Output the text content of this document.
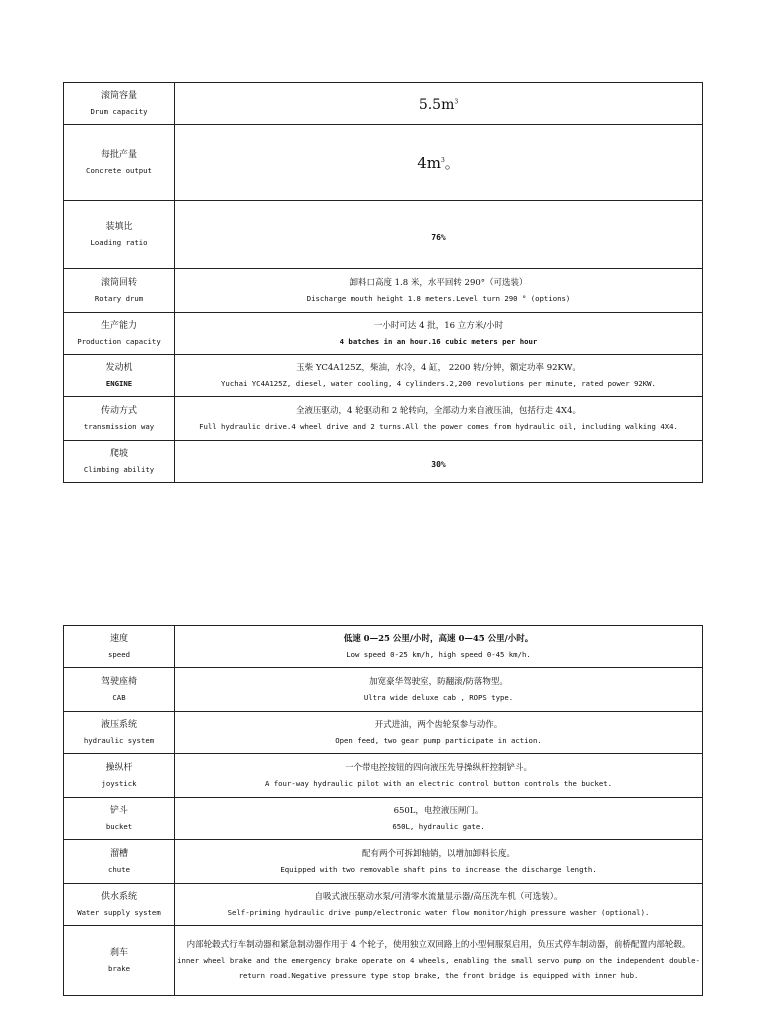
滚筒容量
Drum capacity	$5.5m^3$

每批产量
Concrete output	$4m^3$。

装填比
Loading ratio	76%

滚筒回转
Rotary drum	卸料口高度 1.8 米，水平回转 290°（可选装）
Discharge mouth height 1.8 meters.Level turn 290 ° (options)

生产能力
Production capacity	一小时可达 4 批，16 立方米/小时
4 batches in an hour.16 cubic meters per hour

发动机
ENGINE	玉柴 YC4A125Z，柴油，水冷，4 缸， 2200 转/分钟，额定功率 92KW。
Yuchai YC4A125Z, diesel, water cooling, 4 cylinders.2,200 revolutions per minute, rated power 92KW.

传动方式
transmission way	全液压驱动，4 轮驱动和 2 轮转向，全部动力来自液压油，包括行走 4X4。
Full hydraulic drive.4 wheel drive and 2 turns.All the power comes from hydraulic oil, including walking 4X4.

爬坡
Climbing ability	30%
速度
speed	低速 0—25 公里/小时，高速 0—45 公里/小时。
Low speed 0-25 km/h, high speed 0-45 km/h.

驾驶座椅
CAB	加宽豪华驾驶室，防翻滚/防落物型。
Ultra wide deluxe cab , ROPS type.

液压系统
hydraulic system	开式进油，两个齿轮泵参与动作。
Open feed, two gear pump participate in action.

操纵杆
joystick	一个带电控按钮的四向液压先导操纵杆控制铲斗。
A four-way hydraulic pilot with an electric control button controls the bucket.

铲斗
bucket	650L，电控液压闸门。
650L, hydraulic gate.

溜槽
chute	配有两个可拆卸轴销，以增加卸料长度。
Equipped with two removable shaft pins to increase the discharge length.

供水系统
Water supply system	自吸式液压驱动水泵/可清零水流量显示器/高压洗车机（可选装）。
Self-priming hydraulic drive pump/electronic water flow monitor/high pressure washer (optional).

刹车
brake	内部轮毂式行车制动器和紧急制动器作用于 4 个轮子，使用独立双回路上的小型伺服泵启用，负压式停车制动器，前桥配置内部轮毂。
inner wheel brake and the emergency brake operate on 4 wheels, enabling the small servo pump on the independent double-return road.Negative pressure type stop brake, the front bridge is equipped with inner hub.
